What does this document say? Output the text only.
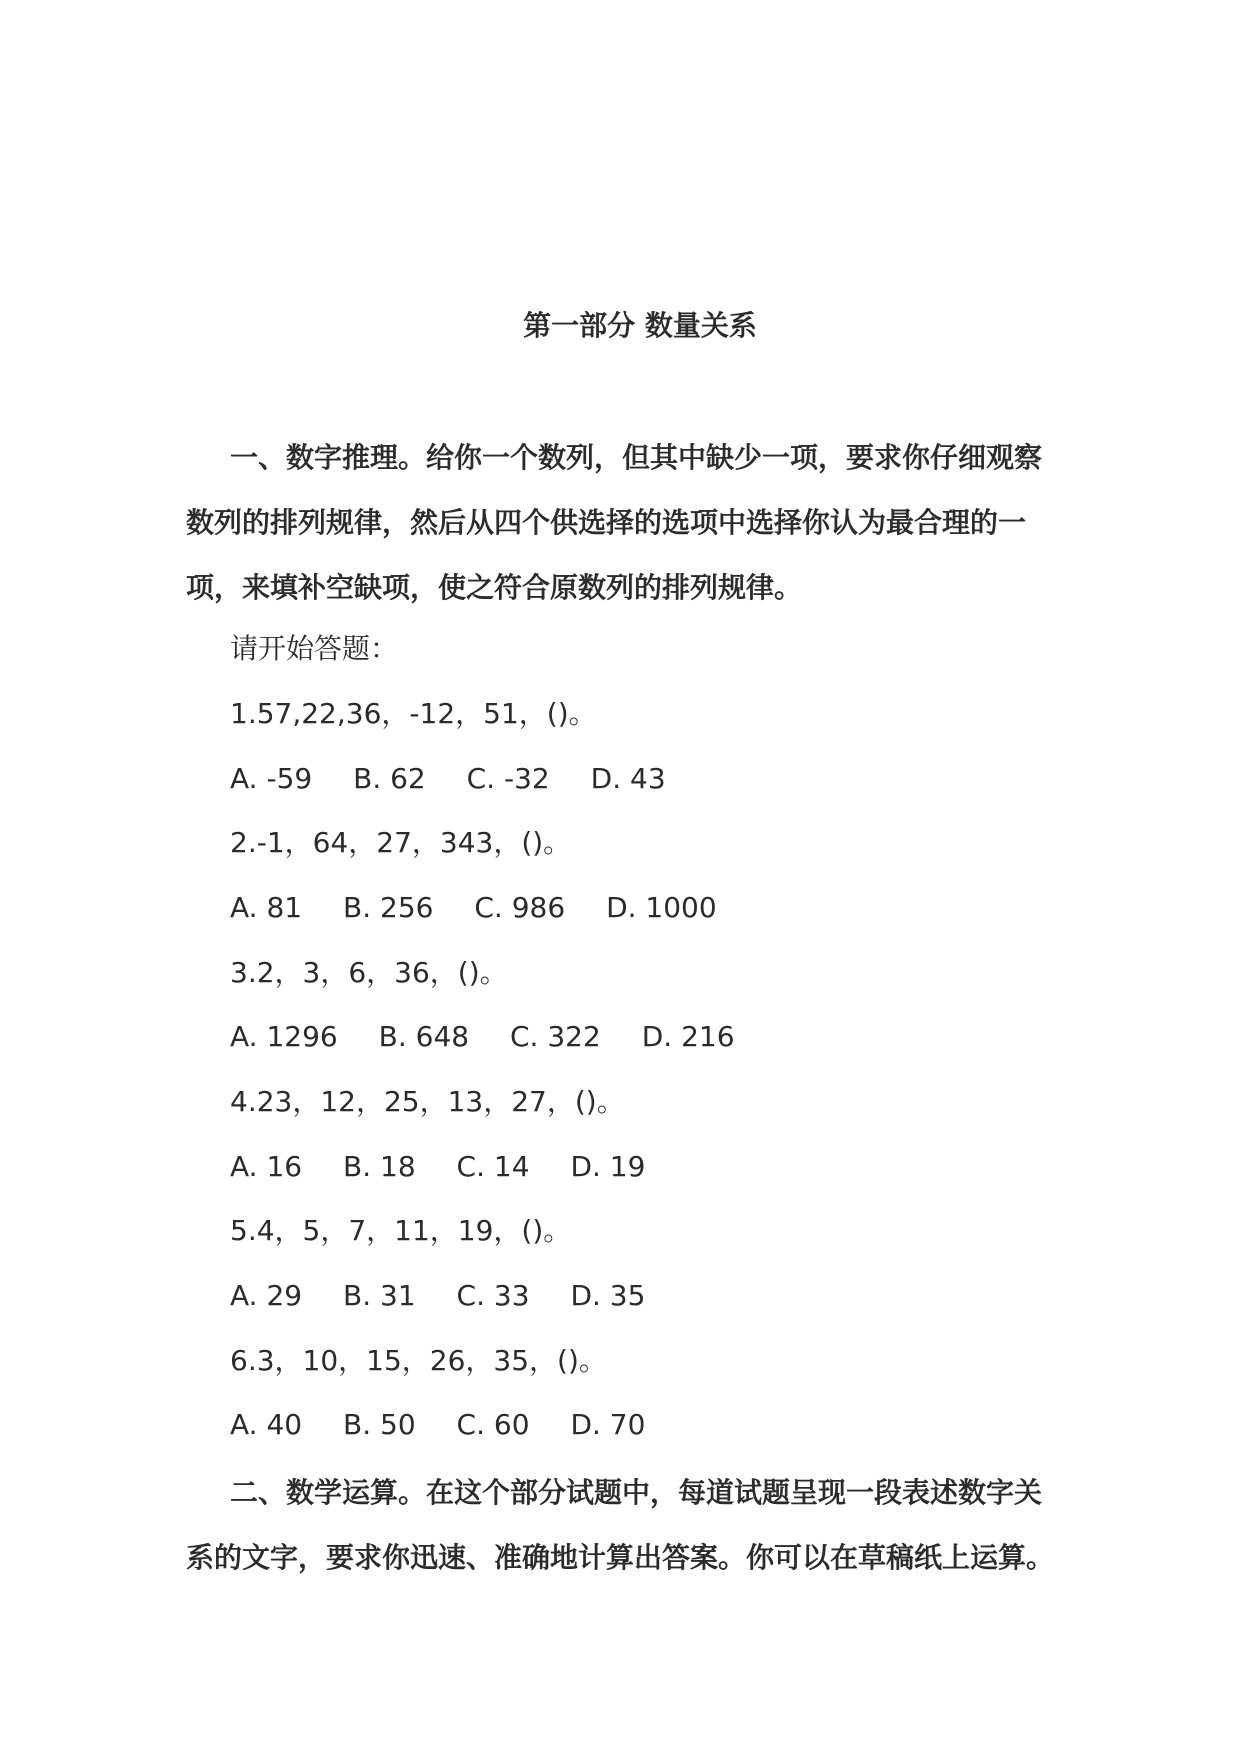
第一部分 数量关系
一、数字推理。给你一个数列，但其中缺少一项，要求你仔细观察数列的排列规律，然后从四个供选择的选项中选择你认为最合理的一项，来填补空缺项，使之符合原数列的排列规律。
请开始答题：
1.57,22,36，-12，51，()。
A. -59 B. 62 C. -32 D. 43
2.-1，64，27，343，()。
A. 81 B. 256 C. 986 D. 1000
3.2，3，6，36，()。
A. 1296 B. 648 C. 322 D. 216
4.23，12，25，13，27，()。
A. 16 B. 18 C. 14 D. 19
5.4，5，7，11，19，()。
A. 29 B. 31 C. 33 D. 35
6.3，10，15，26，35，()。
A. 40 B. 50 C. 60 D. 70
二、数学运算。在这个部分试题中，每道试题呈现一段表述数字关系的文字，要求你迅速、准确地计算出答案。你可以在草稿纸上运算。
